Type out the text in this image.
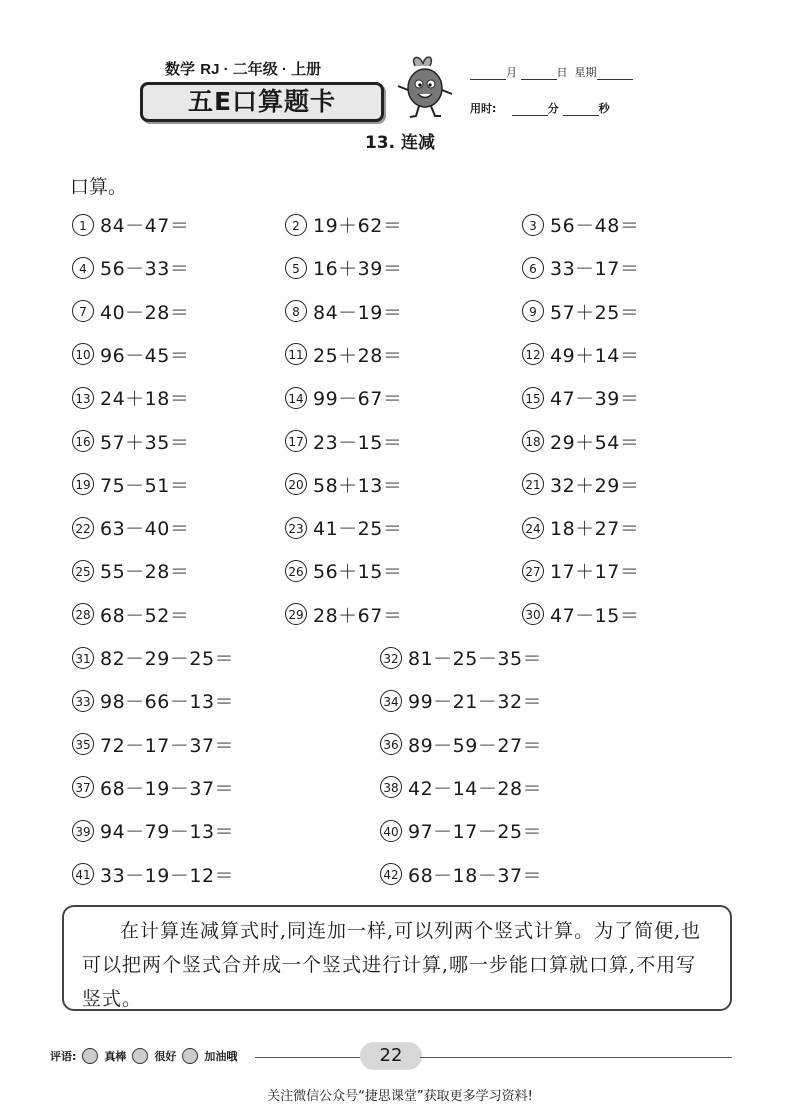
数学 RJ · 二年级 · 上册
五E口算题卡
月	日 星期
用时:	分	秒
13. 连减
口算。
1 84－47＝	2 19＋62＝	3 56－48＝
4 56－33＝	5 16＋39＝	6 33－17＝
7 40－28＝	8 84－19＝	9 57＋25＝
10 96－45＝	11 25＋28＝	12 49＋14＝
13 24＋18＝	14 99－67＝	15 47－39＝
16 57＋35＝	17 23－15＝	18 29＋54＝
19 75－51＝	20 58＋13＝	21 32＋29＝
22 63－40＝	23 41－25＝	24 18＋27＝
25 55－28＝	26 56＋15＝	27 17＋17＝
28 68－52＝	29 28＋67＝	30 47－15＝
31 82－29－25＝	32 81－25－35＝
33 98－66－13＝	34 99－21－32＝
35 72－17－37＝	36 89－59－27＝
37 68－19－37＝	38 42－14－28＝
39 94－79－13＝	40 97－17－25＝
41 33－19－12＝	42 68－18－37＝

在计算连减算式时,同连加一样,可以列两个竖式计算。为了简便,也可以把两个竖式合并成一个竖式进行计算,哪一步能口算就口算,不用写竖式。

评语:	真棒	很好	加油哦	22
关注微信公众号“捷思课堂”获取更多学习资料!
